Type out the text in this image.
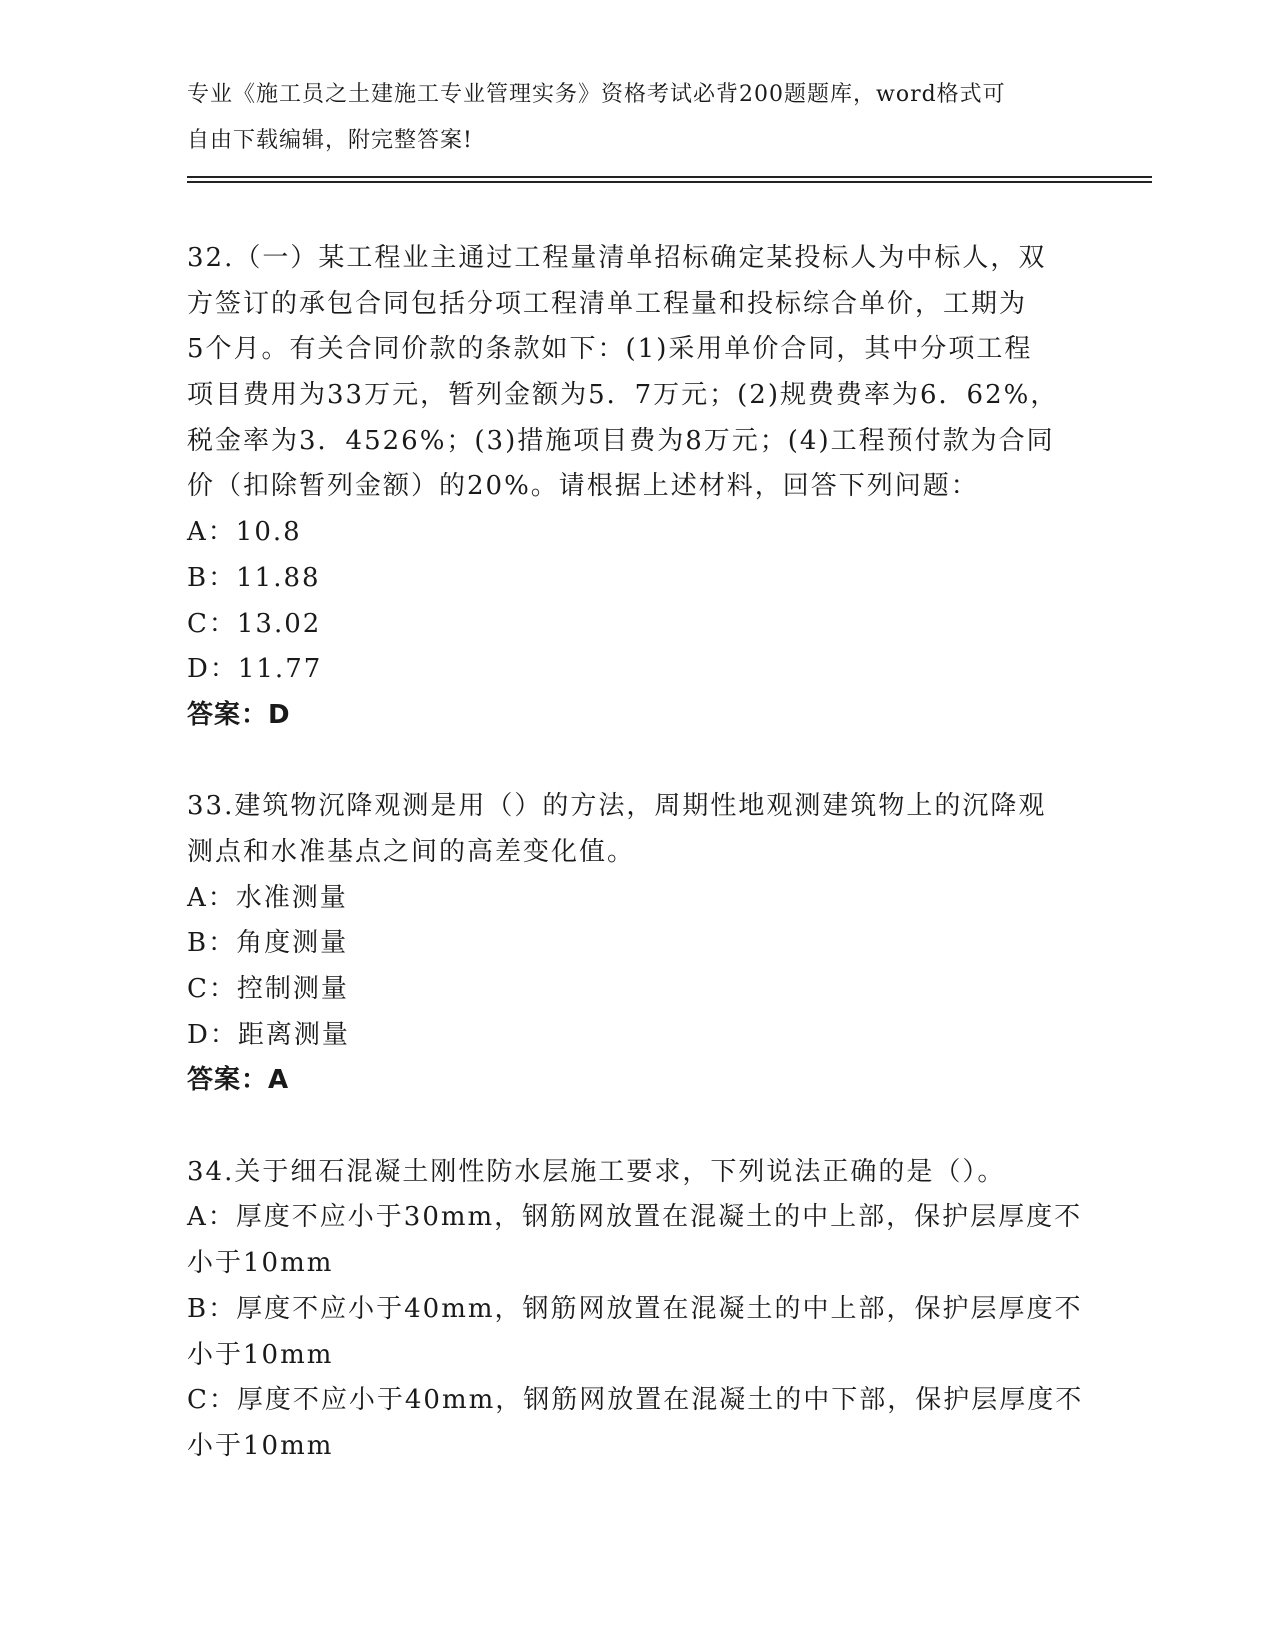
专业《施工员之土建施工专业管理实务》资格考试必背200题题库，word格式可
自由下载编辑，附完整答案!
32.（一）某工程业主通过工程量清单招标确定某投标人为中标人，双
方签订的承包合同包括分项工程清单工程量和投标综合单价，工期为
5个月。有关合同价款的条款如下：(1)采用单价合同，其中分项工程
项目费用为33万元，暂列金额为5．7万元；(2)规费费率为6．62%，
税金率为3．4526%；(3)措施项目费为8万元；(4)工程预付款为合同
价（扣除暂列金额）的20%。请根据上述材料，回答下列问题：
A：10.8
B：11.88
C：13.02
D：11.77
答案：D
33.建筑物沉降观测是用（）的方法，周期性地观测建筑物上的沉降观
测点和水准基点之间的高差变化值。
A：水准测量
B：角度测量
C：控制测量
D：距离测量
答案：A
34.关于细石混凝土刚性防水层施工要求，下列说法正确的是（）。
A：厚度不应小于30mm，钢筋网放置在混凝土的中上部，保护层厚度不
小于10mm
B：厚度不应小于40mm，钢筋网放置在混凝土的中上部，保护层厚度不
小于10mm
C：厚度不应小于40mm，钢筋网放置在混凝土的中下部，保护层厚度不
小于10mm
